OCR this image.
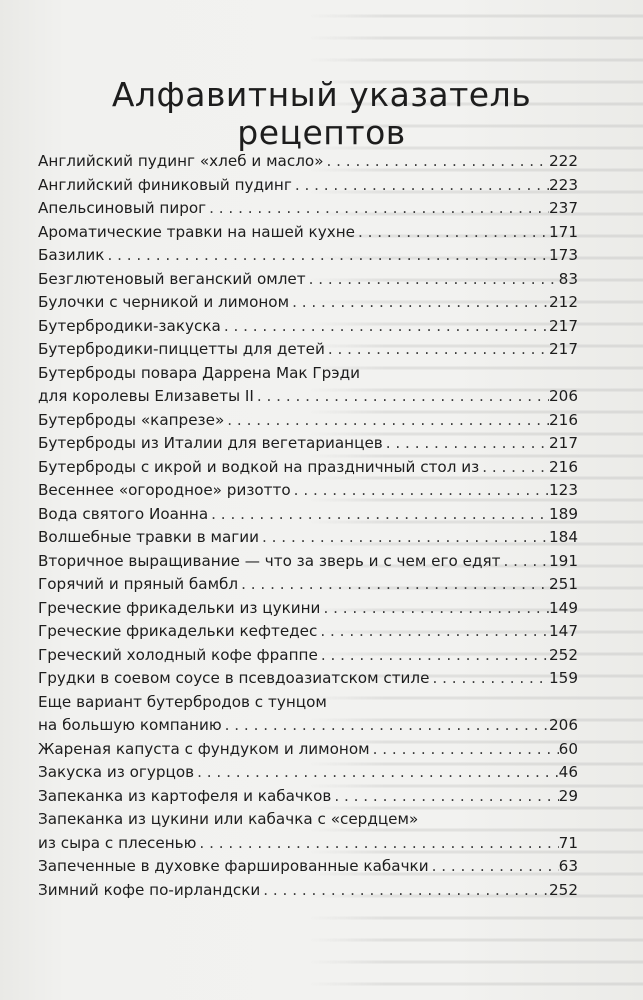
Алфавитный указатель
рецептов
Английский пудинг «хлеб и масло» . . .	222
Английский финиковый пудинг . . .	223
Апельсиновый пирог . . .	237
Ароматические травки на нашей кухне . . .	171
Базилик . . .	173
Безглютеновый веганский омлет . . .	83
Булочки с черникой и лимоном . . .	212
Бутербродики-закуска . . .	217
Бутербродики-пиццетты для детей . . .	217
Бутерброды повара Даррена Мак Грэди
для королевы Елизаветы II . . .	206
Бутерброды «капрезе» . . .	216
Бутерброды из Италии для вегетарианцев . . .	217
Бутерброды с икрой и водкой на праздничный стол из . . .	216
Весеннее «огородное» ризотто . . .	123
Вода святого Иоанна . . .	189
Волшебные травки в магии . . .	184
Вторичное выращивание — что за зверь и с чем его едят . . .	191
Горячий и пряный бамбл . . .	251
Греческие фрикадельки из цукини . . .	149
Греческие фрикадельки кефтедес . . .	147
Греческий холодный кофе фраппе . . .	252
Грудки в соевом соусе в псевдоазиатском стиле . . .	159
Еще вариант бутербродов с тунцом
на большую компанию . . .	206
Жареная капуста с фундуком и лимоном . . .	60
Закуска из огурцов . . .	46
Запеканка из картофеля и кабачков . . .	29
Запеканка из цукини или кабачка с «сердцем»
из сыра с плесенью . . .	71
Запеченные в духовке фаршированные кабачки . . .	63
Зимний кофе по-ирландски . . .	252
